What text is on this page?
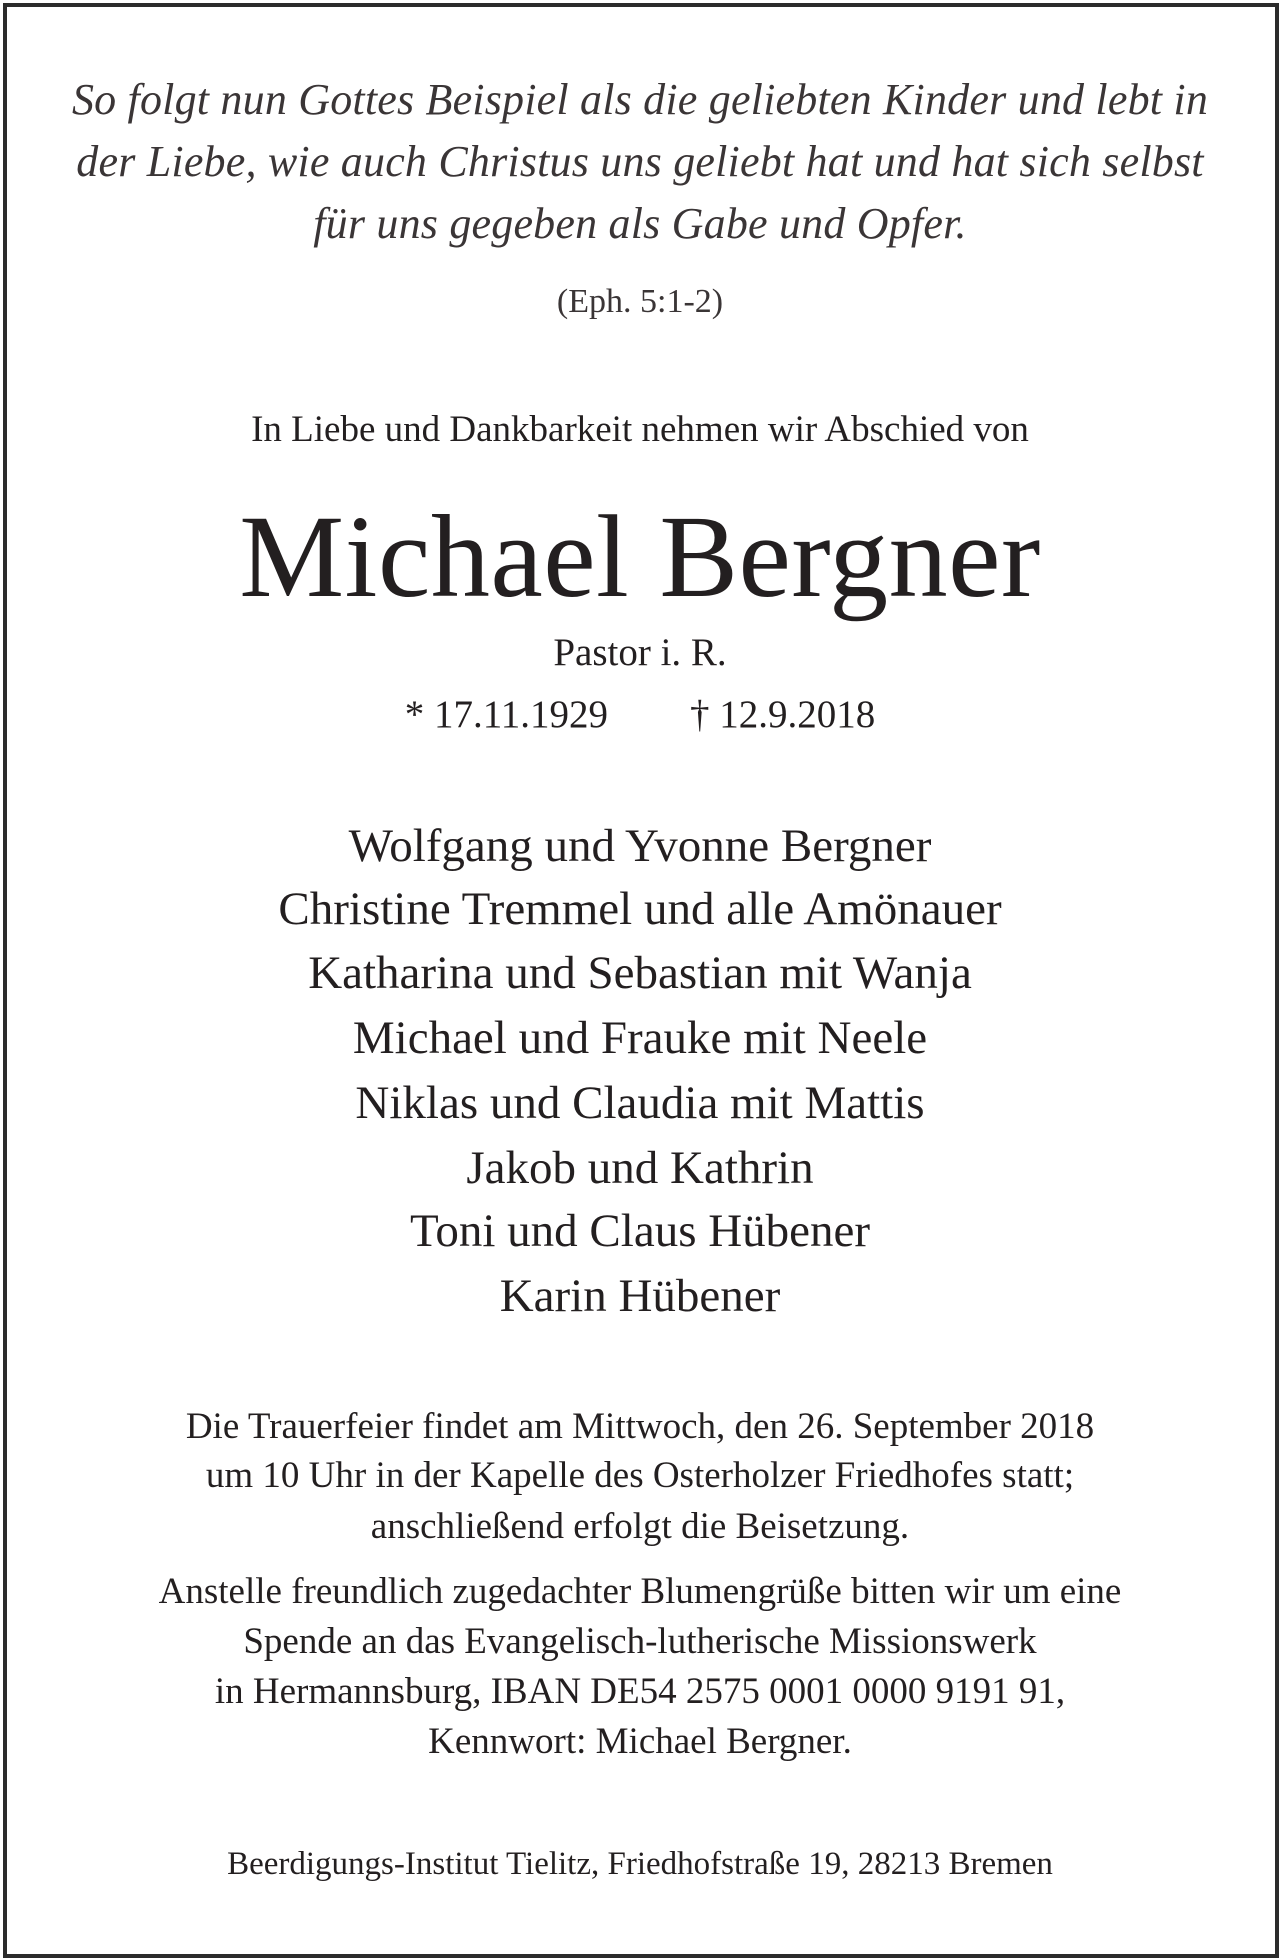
So folgt nun Gottes Beispiel als die geliebten Kinder und lebt in

der Liebe, wie auch Christus uns geliebt hat und hat sich selbst

für uns gegeben als Gabe und Opfer.

(Eph. 5:1-2)

In Liebe und Dankbarkeit nehmen wir Abschied von

Michael Bergner

Pastor i. R.

* 17.11.1929 † 12.9.2018

Wolfgang und Yvonne Bergner

Christine Tremmel und alle Amönauer

Katharina und Sebastian mit Wanja

Michael und Frauke mit Neele

Niklas und Claudia mit Mattis

Jakob und Kathrin

Toni und Claus Hübener

Karin Hübener

Die Trauerfeier findet am Mittwoch, den 26. September 2018

um 10 Uhr in der Kapelle des Osterholzer Friedhofes statt;

anschließend erfolgt die Beisetzung.

Anstelle freundlich zugedachter Blumengrüße bitten wir um eine

Spende an das Evangelisch-lutherische Missionswerk

in Hermannsburg, IBAN DE54 2575 0001 0000 9191 91,

Kennwort: Michael Bergner.

Beerdigungs-Institut Tielitz, Friedhofstraße 19, 28213 Bremen
